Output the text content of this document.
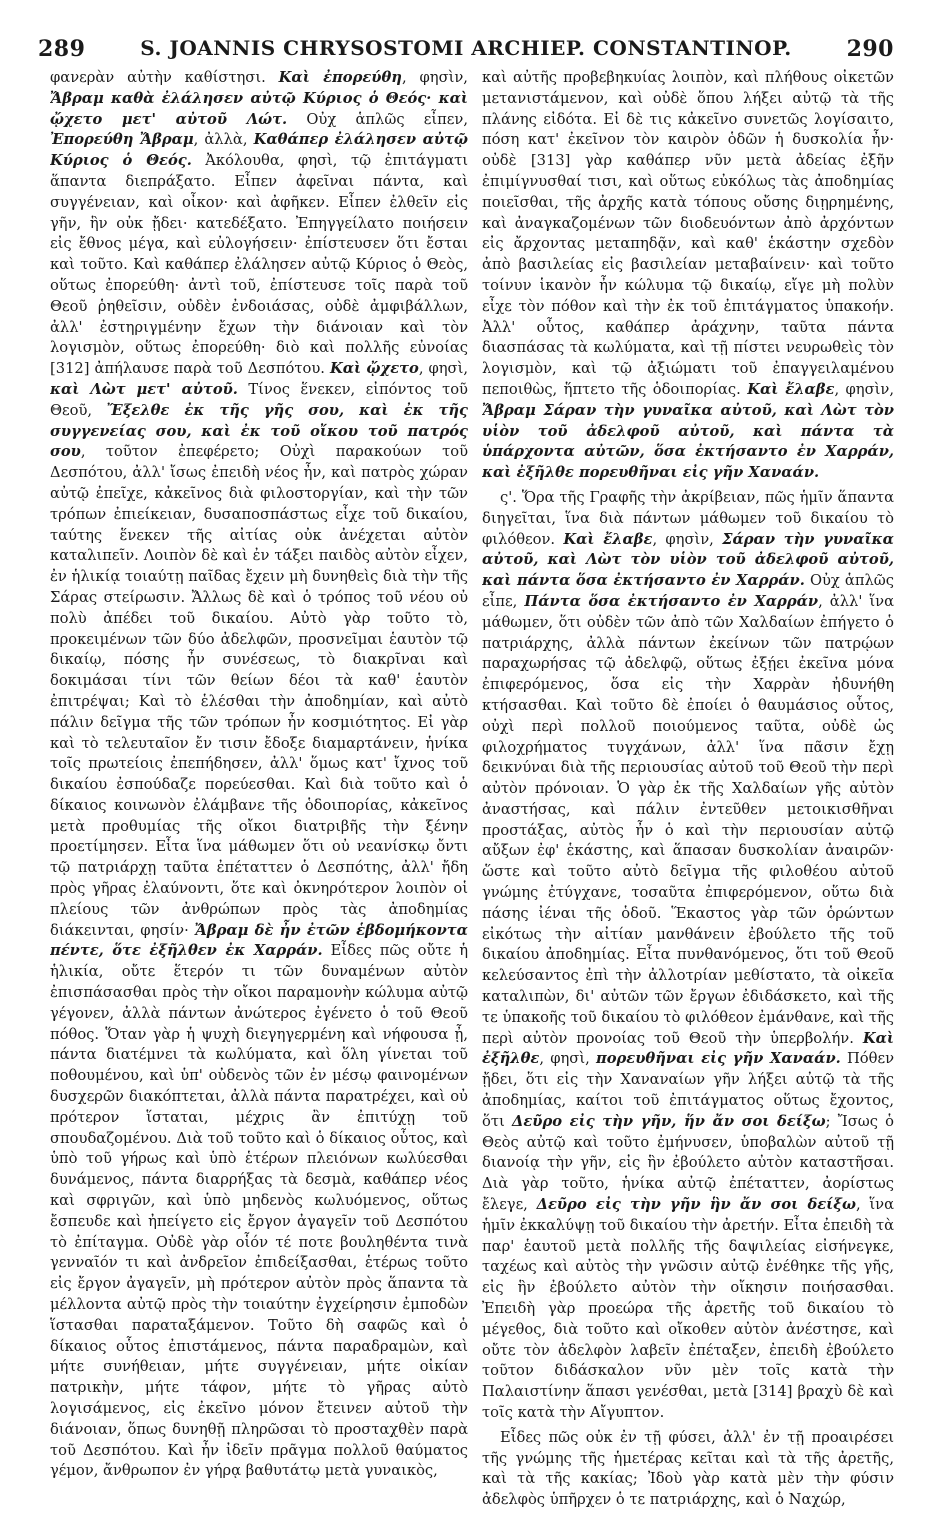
289	S. JOANNIS CHRYSOSTOMI ARCHIEP. CONSTANTINOP.	290

φανερὰν αὐτὴν καθίστησι. Καὶ ἐπορεύθη, φησὶν, Ἄβραμ καθὰ ἐλάλησεν αὐτῷ Κύριος ὁ Θεός· καὶ ᾤχετο μετ' αὐτοῦ Λώτ. Οὐχ ἁπλῶς εἶπεν, Ἐπορεύθη Ἄβραμ, ἀλλὰ, Καθάπερ ἐλάλησεν αὐτῷ Κύριος ὁ Θεός. Ἀκόλουθα, φησὶ, τῷ ἐπιτάγματι ἅπαντα διεπράξατο. Εἶπεν ἀφεῖναι πάντα, καὶ συγγένειαν, καὶ οἶκον· καὶ ἀφῆκεν. Εἶπεν ἐλθεῖν εἰς γῆν, ἣν οὐκ ᾔδει· κατεδέξατο. Ἐπηγγείλατο ποιήσειν εἰς ἔθνος μέγα, καὶ εὐλογήσειν· ἐπίστευσεν ὅτι ἔσται καὶ τοῦτο. Καὶ καθάπερ ἐλάλησεν αὐτῷ Κύριος ὁ Θεὸς, οὕτως ἐπορεύθη· ἀντὶ τοῦ, ἐπίστευσε τοῖς παρὰ τοῦ Θεοῦ ῥηθεῖσιν, οὐδὲν ἐνδοιάσας, οὐδὲ ἀμφιβάλλων, ἀλλ' ἐστηριγμένην ἔχων τὴν διάνοιαν καὶ τὸν λογισμὸν, οὕτως ἐπορεύθη· διὸ καὶ πολλῆς εὐνοίας [312] ἀπήλαυσε παρὰ τοῦ Δεσπότου. Καὶ ᾤχετο, φησὶ, καὶ Λὼτ μετ' αὐτοῦ. Τίνος ἕνεκεν, εἰπόντος τοῦ Θεοῦ, Ἔξελθε ἐκ τῆς γῆς σου, καὶ ἐκ τῆς συγγενείας σου, καὶ ἐκ τοῦ οἴκου τοῦ πατρός σου, τοῦτον ἐπεφέρετο; Οὐχὶ παρακούων τοῦ Δεσπότου, ἀλλ' ἴσως ἐπειδὴ νέος ἦν, καὶ πατρὸς χώραν αὐτῷ ἐπεῖχε, κἀκεῖνος διὰ φιλοστοργίαν, καὶ τὴν τῶν τρόπων ἐπιείκειαν, δυσαποσπάστως εἶχε τοῦ δικαίου, ταύτης ἕνεκεν τῆς αἰτίας οὐκ ἀνέχεται αὐτὸν καταλιπεῖν. Λοιπὸν δὲ καὶ ἐν τάξει παιδὸς αὐτὸν εἶχεν, ἐν ἡλικίᾳ τοιαύτῃ παῖδας ἔχειν μὴ δυνηθεὶς διὰ τὴν τῆς Σάρας στείρωσιν. Ἄλλως δὲ καὶ ὁ τρόπος τοῦ νέου οὐ πολὺ ἀπέδει τοῦ δικαίου. Αὐτὸ γὰρ τοῦτο τὸ, προκειμένων τῶν δύο ἀδελφῶν, προσνεῖμαι ἑαυτὸν τῷ δικαίῳ, πόσης ἦν συνέσεως, τὸ διακρῖναι καὶ δοκιμάσαι τίνι τῶν θείων δέοι τὰ καθ' ἑαυτὸν ἐπιτρέψαι; Καὶ τὸ ἑλέσθαι τὴν ἀποδημίαν, καὶ αὐτὸ πάλιν δεῖγμα τῆς τῶν τρόπων ἦν κοσμιότητος. Εἰ γὰρ καὶ τὸ τελευταῖον ἔν τισιν ἔδοξε διαμαρτάνειν, ἡνίκα τοῖς πρωτείοις ἐπεπήδησεν, ἀλλ' ὅμως κατ' ἴχνος τοῦ δικαίου ἐσπούδαζε πορεύεσθαι. Καὶ διὰ τοῦτο καὶ ὁ δίκαιος κοινωνὸν ἐλάμβανε τῆς ὁδοιπορίας, κἀκεῖνος μετὰ προθυμίας τῆς οἴκοι διατριβῆς τὴν ξένην προετίμησεν. Εἶτα ἵνα μάθωμεν ὅτι οὐ νεανίσκῳ ὄντι τῷ πατριάρχῃ ταῦτα ἐπέταττεν ὁ Δεσπότης, ἀλλ' ἤδη πρὸς γῆρας ἐλαύνοντι, ὅτε καὶ ὀκνηρότερον λοιπὸν οἱ πλείους τῶν ἀνθρώπων πρὸς τὰς ἀποδημίας διάκεινται, φησίν· Ἄβραμ δὲ ἦν ἐτῶν ἑβδομήκοντα πέντε, ὅτε ἐξῆλθεν ἐκ Χαρράν. Εἶδες πῶς οὔτε ἡ ἡλικία, οὔτε ἕτερόν τι τῶν δυναμένων αὐτὸν ἐπισπάσασθαι πρὸς τὴν οἴκοι παραμονὴν κώλυμα αὐτῷ γέγονεν, ἀλλὰ πάντων ἀνώτερος ἐγένετο ὁ τοῦ Θεοῦ πόθος. Ὅταν γὰρ ἡ ψυχὴ διεγηγερμένη καὶ νήφουσα ᾖ, πάντα διατέμνει τὰ κωλύματα, καὶ ὅλη γίνεται τοῦ ποθουμένου, καὶ ὑπ' οὐδενὸς τῶν ἐν μέσῳ φαινομένων δυσχερῶν διακόπτεται, ἀλλὰ πάντα παρατρέχει, καὶ οὐ πρότερον ἵσταται, μέχρις ἂν ἐπιτύχῃ τοῦ σπουδαζομένου. Διὰ τοῦ τοῦτο καὶ ὁ δίκαιος οὗτος, καὶ ὑπὸ τοῦ γήρως καὶ ὑπὸ ἑτέρων πλειόνων κωλύεσθαι δυνάμενος, πάντα διαρρήξας τὰ δεσμὰ, καθάπερ νέος καὶ σφριγῶν, καὶ ὑπὸ μηδενὸς κωλυόμενος, οὕτως ἔσπευδε καὶ ἠπείγετο εἰς ἔργον ἀγαγεῖν τοῦ Δεσπότου τὸ ἐπίταγμα. Οὐδὲ γὰρ οἷόν τέ ποτε βουληθέντα τινὰ γενναῖόν τι καὶ ἀνδρεῖον ἐπιδείξασθαι, ἑτέρως τοῦτο εἰς ἔργον ἀγαγεῖν, μὴ πρότερον αὐτὸν πρὸς ἅπαντα τὰ μέλλοντα αὐτῷ πρὸς τὴν τοιαύτην ἐγχείρησιν ἐμποδὼν ἵστασθαι παραταξάμενον. Τοῦτο δὴ σαφῶς καὶ ὁ δίκαιος οὗτος ἐπιστάμενος, πάντα παραδραμὼν, καὶ μήτε συνήθειαν, μήτε συγγένειαν, μήτε οἰκίαν πατρικὴν, μήτε τάφον, μήτε τὸ γῆρας αὐτὸ λογισάμενος, εἰς ἐκεῖνο μόνον ἔτεινεν αὐτοῦ τὴν διάνοιαν, ὅπως δυνηθῇ πληρῶσαι τὸ προσταχθὲν παρὰ τοῦ Δεσπότου. Καὶ ἦν ἰδεῖν πρᾶγμα πολλοῦ θαύματος γέμον, ἄνθρωπον ἐν γήρᾳ βαθυτάτῳ μετὰ γυναικὸς,

καὶ αὐτῆς προβεβηκυίας λοιπὸν, καὶ πλήθους οἰκετῶν μετανιστάμενον, καὶ οὐδὲ ὅπου λήξει αὐτῷ τὰ τῆς πλάνης εἰδότα. Εἰ δὲ τις κἀκεῖνο συνετῶς λογίσαιτο, πόση κατ' ἐκεῖνον τὸν καιρὸν ὁδῶν ἡ δυσκολία ἦν· οὐδὲ [313] γὰρ καθάπερ νῦν μετὰ ἀδείας ἐξῆν ἐπιμίγνυσθαί τισι, καὶ οὕτως εὐκόλως τὰς ἀποδημίας ποιεῖσθαι, τῆς ἀρχῆς κατὰ τόπους οὔσης διῃρημένης, καὶ ἀναγκαζομένων τῶν διοδευόντων ἀπὸ ἀρχόντων εἰς ἄρχοντας μεταπηδᾷν, καὶ καθ' ἑκάστην σχεδὸν ἀπὸ βασιλείας εἰς βασιλείαν μεταβαίνειν· καὶ τοῦτο τοίνυν ἱκανὸν ἦν κώλυμα τῷ δικαίῳ, εἴγε μὴ πολὺν εἶχε τὸν πόθον καὶ τὴν ἐκ τοῦ ἐπιτάγματος ὑπακοήν. Ἀλλ' οὗτος, καθάπερ ἀράχνην, ταῦτα πάντα διασπάσας τὰ κωλύματα, καὶ τῇ πίστει νευρωθεὶς τὸν λογισμὸν, καὶ τῷ ἀξιώματι τοῦ ἐπαγγειλαμένου πεποιθὼς, ἥπτετο τῆς ὁδοιπορίας. Καὶ ἔλαβε, φησὶν, Ἄβραμ Σάραν τὴν γυναῖκα αὐτοῦ, καὶ Λὼτ τὸν υἱὸν τοῦ ἀδελφοῦ αὐτοῦ, καὶ πάντα τὰ ὑπάρχοντα αὐτῶν, ὅσα ἐκτήσαντο ἐν Χαρράν, καὶ ἐξῆλθε πορευθῆναι εἰς γῆν Χαναάν.

ς'. Ὅρα τῆς Γραφῆς τὴν ἀκρίβειαν, πῶς ἡμῖν ἅπαντα διηγεῖται, ἵνα διὰ πάντων μάθωμεν τοῦ δικαίου τὸ φιλόθεον. Καὶ ἔλαβε, φησὶν, Σάραν τὴν γυναῖκα αὐτοῦ, καὶ Λὼτ τὸν υἱὸν τοῦ ἀδελφοῦ αὐτοῦ, καὶ πάντα ὅσα ἐκτήσαντο ἐν Χαρράν. Οὐχ ἁπλῶς εἶπε, Πάντα ὅσα ἐκτήσαντο ἐν Χαρράν, ἀλλ' ἵνα μάθωμεν, ὅτι οὐδὲν τῶν ἀπὸ τῶν Χαλδαίων ἐπήγετο ὁ πατριάρχης, ἀλλὰ πάντων ἐκείνων τῶν πατρῴων παραχωρήσας τῷ ἀδελφῷ, οὕτως ἐξῄει ἐκεῖνα μόνα ἐπιφερόμενος, ὅσα εἰς τὴν Χαρρὰν ἠδυνήθη κτήσασθαι. Καὶ τοῦτο δὲ ἐποίει ὁ θαυμάσιος οὗτος, οὐχὶ περὶ πολλοῦ ποιούμενος ταῦτα, οὐδὲ ὡς φιλοχρήματος τυγχάνων, ἀλλ' ἵνα πᾶσιν ἔχῃ δεικνύναι διὰ τῆς περιουσίας αὐτοῦ τοῦ Θεοῦ τὴν περὶ αὐτὸν πρόνοιαν. Ὁ γὰρ ἐκ τῆς Χαλδαίων γῆς αὐτὸν ἀναστήσας, καὶ πάλιν ἐντεῦθεν μετοικισθῆναι προστάξας, αὐτὸς ἦν ὁ καὶ τὴν περιουσίαν αὐτῷ αὔξων ἐφ' ἑκάστης, καὶ ἅπασαν δυσκολίαν ἀναιρῶν· ὥστε καὶ τοῦτο αὐτὸ δεῖγμα τῆς φιλοθέου αὐτοῦ γνώμης ἐτύγχανε, τοσαῦτα ἐπιφερόμενον, οὕτω διὰ πάσης ἰέναι τῆς ὁδοῦ. Ἕκαστος γὰρ τῶν ὁρώντων εἰκότως τὴν αἰτίαν μανθάνειν ἐβούλετο τῆς τοῦ δικαίου ἀποδημίας. Εἶτα πυνθανόμενος, ὅτι τοῦ Θεοῦ κελεύσαντος ἐπὶ τὴν ἀλλοτρίαν μεθίστατο, τὰ οἰκεῖα καταλιπὼν, δι' αὐτῶν τῶν ἔργων ἐδιδάσκετο, καὶ τῆς τε ὑπακοῆς τοῦ δικαίου τὸ φιλόθεον ἐμάνθανε, καὶ τῆς περὶ αὐτὸν προνοίας τοῦ Θεοῦ τὴν ὑπερβολήν. Καὶ ἐξῆλθε, φησὶ, πορευθῆναι εἰς γῆν Χαναάν. Πόθεν ᾔδει, ὅτι εἰς τὴν Χαναναίων γῆν λήξει αὐτῷ τὰ τῆς ἀποδημίας, καίτοι τοῦ ἐπιτάγματος οὕτως ἔχοντος, ὅτι Δεῦρο εἰς τὴν γῆν, ἥν ἄν σοι δείξω; Ἴσως ὁ Θεὸς αὐτῷ καὶ τοῦτο ἐμήνυσεν, ὑποβαλὼν αὐτοῦ τῇ διανοίᾳ τὴν γῆν, εἰς ἣν ἐβούλετο αὐτὸν καταστῆσαι. Διὰ γὰρ τοῦτο, ἡνίκα αὐτῷ ἐπέταττεν, ἀορίστως ἔλεγε, Δεῦρο εἰς τὴν γῆν ἣν ἄν σοι δείξω, ἵνα ἡμῖν ἐκκαλύψῃ τοῦ δικαίου τὴν ἀρετήν. Εἶτα ἐπειδὴ τὰ παρ' ἑαυτοῦ μετὰ πολλῆς τῆς δαψιλείας εἰσήνεγκε, ταχέως καὶ αὐτὸς τὴν γνῶσιν αὐτῷ ἐνέθηκε τῆς γῆς, εἰς ἣν ἐβούλετο αὐτὸν τὴν οἴκησιν ποιήσασθαι. Ἐπειδὴ γὰρ προεώρα τῆς ἀρετῆς τοῦ δικαίου τὸ μέγεθος, διὰ τοῦτο καὶ οἴκοθεν αὐτὸν ἀνέστησε, καὶ οὔτε τὸν ἀδελφὸν λαβεῖν ἐπέταξεν, ἐπειδὴ ἐβούλετο τοῦτον διδάσκαλον νῦν μὲν τοῖς κατὰ τὴν Παλαιστίνην ἅπασι γενέσθαι, μετὰ [314] βραχὺ δὲ καὶ τοῖς κατὰ τὴν Αἴγυπτον.

Εἶδες πῶς οὐκ ἐν τῇ φύσει, ἀλλ' ἐν τῇ προαιρέσει τῆς γνώμης τῆς ἡμετέρας κεῖται καὶ τὰ τῆς ἀρετῆς, καὶ τὰ τῆς κακίας; Ἰδοὺ γὰρ κατὰ μὲν τὴν φύσιν ἀδελφὸς ὑπῆρχεν ὁ τε πατριάρχης, καὶ ὁ Ναχώρ,
